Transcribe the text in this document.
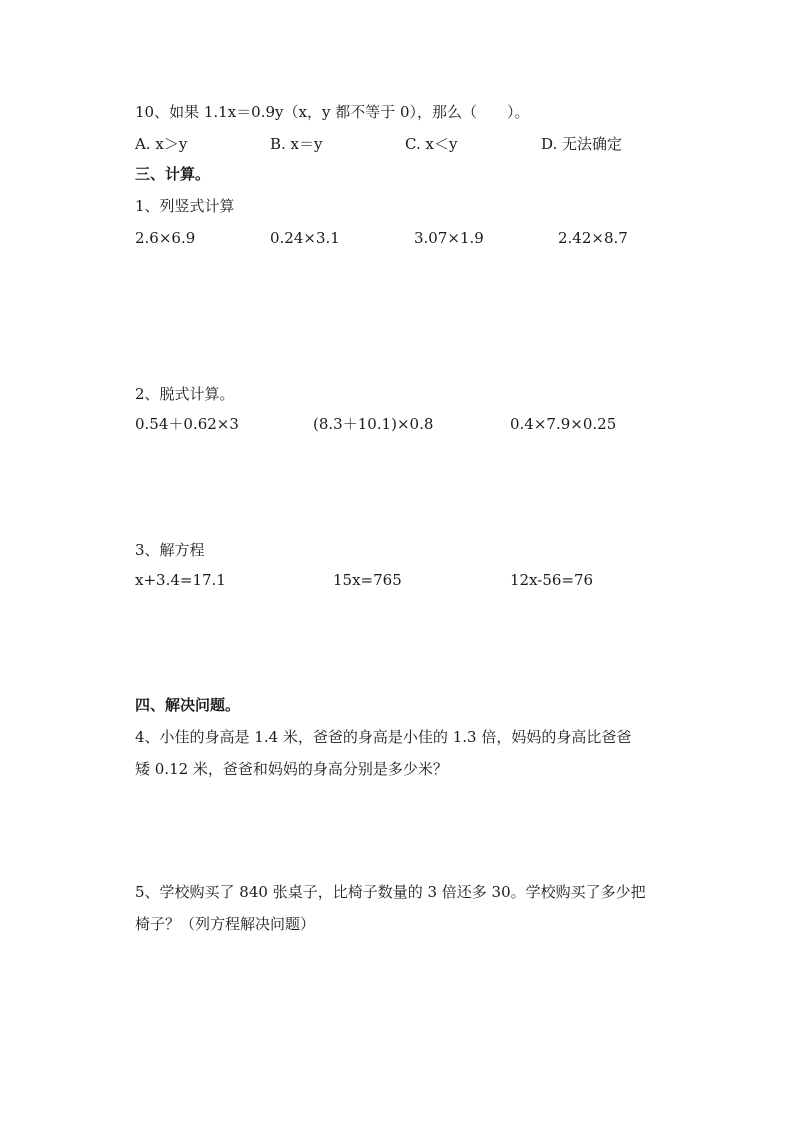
10、如果 1.1x＝0.9y（x，y 都不等于 0），那么（　　）。
A. x＞y	B. x＝y	C. x＜y	D. 无法确定
三、计算。
1、列竖式计算
2.6×6.9	0.24×3.1	3.07×1.9	2.42×8.7
2、脱式计算。
0.54＋0.62×3	(8.3＋10.1)×0.8	0.4×7.9×0.25
3、解方程
x+3.4=17.1	15x=765	12x-56=76
四、解决问题。
4、小佳的身高是 1.4 米，爸爸的身高是小佳的 1.3 倍，妈妈的身高比爸爸
矮 0.12 米，爸爸和妈妈的身高分别是多少米？
5、学校购买了 840 张桌子，比椅子数量的 3 倍还多 30。学校购买了多少把
椅子？（列方程解决问题）
